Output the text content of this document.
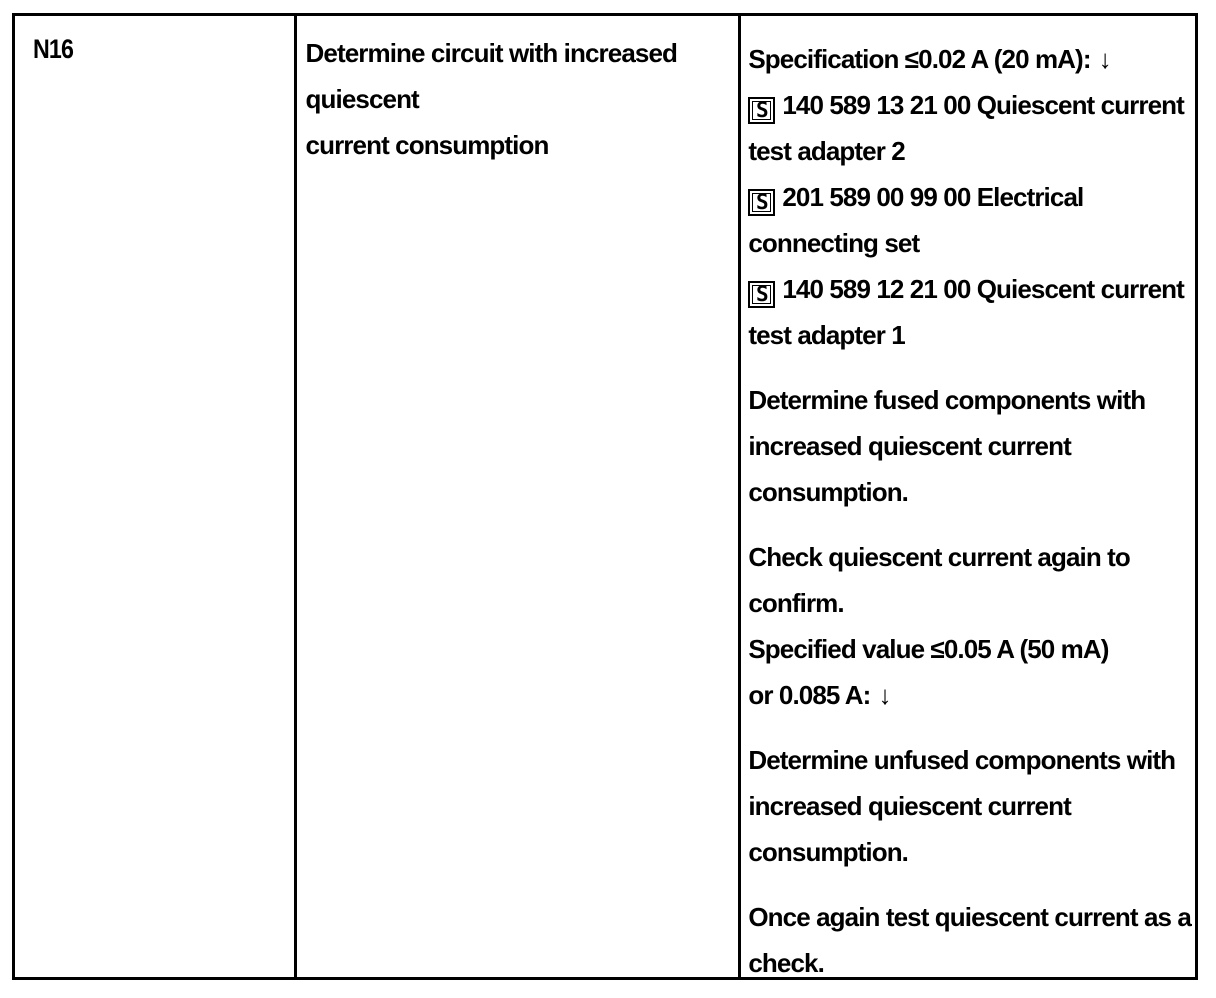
N16	Determine circuit with increased quiescent
current consumption
Specification ≤0.02 A (20 mA): ↓
S 140 589 13 21 00 Quiescent current
test adapter 2
S 201 589 00 99 00 Electrical
connecting set
S 140 589 12 21 00 Quiescent current
test adapter 1
Determine fused components with
increased quiescent current
consumption.
Check quiescent current again to
confirm.
Specified value ≤0.05 A (50 mA)
or 0.085 A: ↓
Determine unfused components with
increased quiescent current
consumption.
Once again test quiescent current as a
check.
